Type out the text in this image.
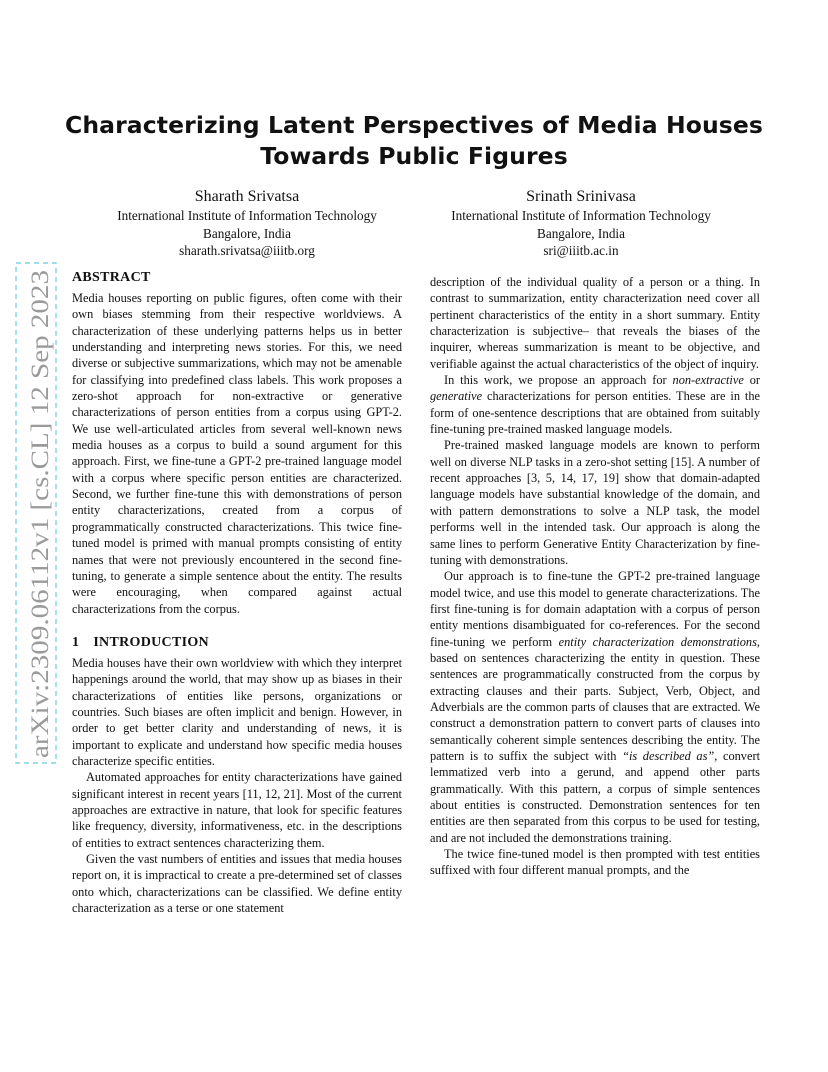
arXiv:2309.06112v1 [cs.CL] 12 Sep 2023
Characterizing Latent Perspectives of Media Houses
Towards Public Figures
Sharath Srivatsa
International Institute of Information Technology
Bangalore, India
sharath.srivatsa@iiitb.org
Srinath Srinivasa
International Institute of Information Technology
Bangalore, India
sri@iiitb.ac.in
ABSTRACT

Media houses reporting on public figures, often come with their own biases stemming from their respective worldviews. A characterization of these underlying patterns helps us in better understanding and interpreting news stories. For this, we need diverse or subjective summarizations, which may not be amenable for classifying into predefined class labels. This work proposes a zero-shot approach for non-extractive or generative characterizations of person entities from a corpus using GPT-2. We use well-articulated articles from several well-known news media houses as a corpus to build a sound argument for this approach. First, we fine-tune a GPT-2 pre-trained language model with a corpus where specific person entities are characterized. Second, we further fine-tune this with demonstrations of person entity characterizations, created from a corpus of programmatically constructed characterizations. This twice fine-tuned model is primed with manual prompts consisting of entity names that were not previously encountered in the second fine-tuning, to generate a simple sentence about the entity. The results were encouraging, when compared against actual characterizations from the corpus.

1 INTRODUCTION

Media houses have their own worldview with which they interpret happenings around the world, that may show up as biases in their characterizations of entities like persons, organizations or countries. Such biases are often implicit and benign. However, in order to get better clarity and understanding of news, it is important to explicate and understand how specific media houses characterize specific entities.

Automated approaches for entity characterizations have gained significant interest in recent years [11, 12, 21]. Most of the current approaches are extractive in nature, that look for specific features like frequency, diversity, informativeness, etc. in the descriptions of entities to extract sentences characterizing them.

Given the vast numbers of entities and issues that media houses report on, it is impractical to create a pre-determined set of classes onto which, characterizations can be classified. We define entity characterization as a terse or one statement

description of the individual quality of a person or a thing. In contrast to summarization, entity characterization need cover all pertinent characteristics of the entity in a short summary. Entity characterization is subjective– that reveals the biases of the inquirer, whereas summarization is meant to be objective, and verifiable against the actual characteristics of the object of inquiry.

In this work, we propose an approach for non-extractive or generative characterizations for person entities. These are in the form of one-sentence descriptions that are obtained from suitably fine-tuning pre-trained masked language models.

Pre-trained masked language models are known to perform well on diverse NLP tasks in a zero-shot setting [15]. A number of recent approaches [3, 5, 14, 17, 19] show that domain-adapted language models have substantial knowledge of the domain, and with pattern demonstrations to solve a NLP task, the model performs well in the intended task. Our approach is along the same lines to perform Generative Entity Characterization by fine-tuning with demonstrations.

Our approach is to fine-tune the GPT-2 pre-trained language model twice, and use this model to generate characterizations. The first fine-tuning is for domain adaptation with a corpus of person entity mentions disambiguated for co-references. For the second fine-tuning we perform entity characterization demonstrations, based on sentences characterizing the entity in question. These sentences are programmatically constructed from the corpus by extracting clauses and their parts. Subject, Verb, Object, and Adverbials are the common parts of clauses that are extracted. We construct a demonstration pattern to convert parts of clauses into semantically coherent simple sentences describing the entity. The pattern is to suffix the subject with “is described as”, convert lemmatized verb into a gerund, and append other parts grammatically. With this pattern, a corpus of simple sentences about entities is constructed. Demonstration sentences for ten entities are then separated from this corpus to be used for testing, and are not included the demonstrations training.

The twice fine-tuned model is then prompted with test entities suffixed with four different manual prompts, and the
